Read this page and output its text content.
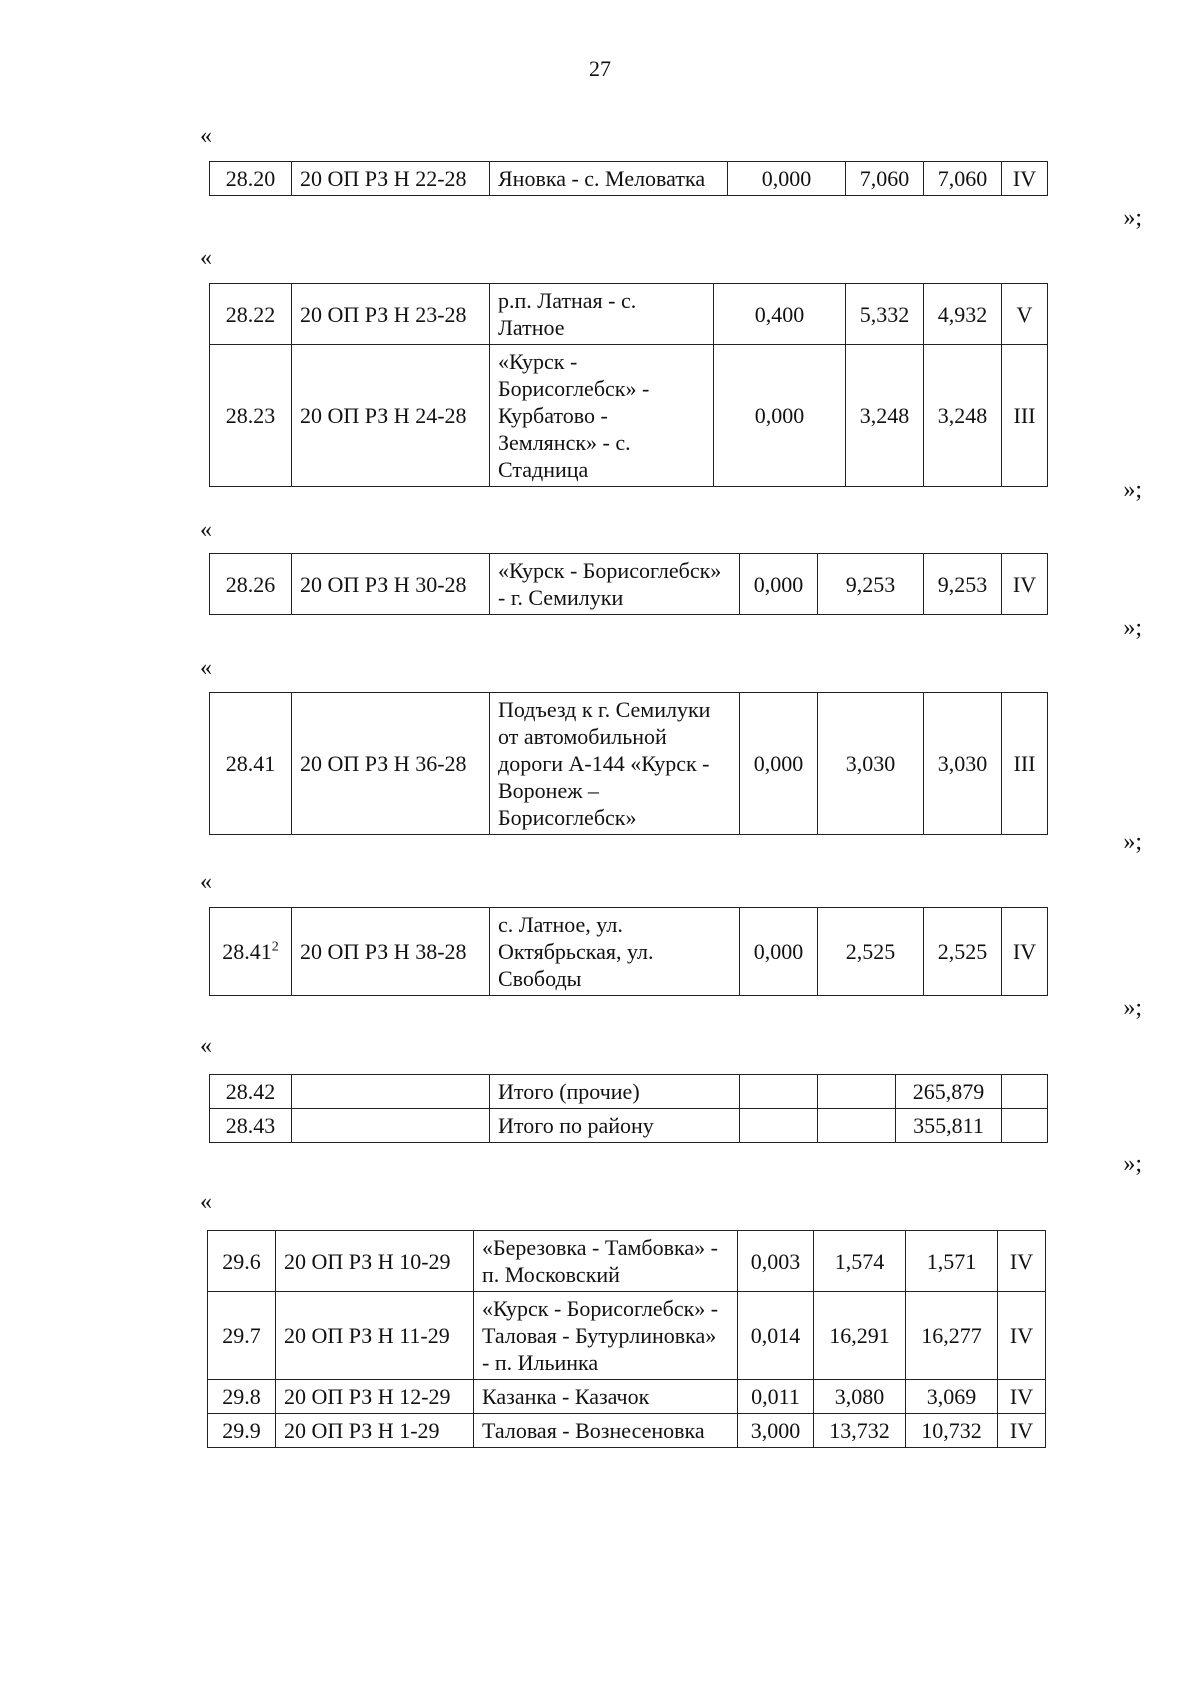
27
«
28.20	20 ОП РЗ Н 22-28	Яновка - с. Меловатка	0,000	7,060	7,060	IV
»;
«
28.22	20 ОП РЗ Н 23-28	р.п. Латная - с. Латное	0,400	5,332	4,932	V
28.23	20 ОП РЗ Н 24-28	«Курск - Борисоглебск» - Курбатово - Землянск» - с. Стадница	0,000	3,248	3,248	III
»;
«
28.26	20 ОП РЗ Н 30-28	«Курск - Борисоглебск» - г. Семилуки	0,000	9,253	9,253	IV
»;
«
28.41	20 ОП РЗ Н 36-28	Подъезд к г. Семилуки от автомобильной дороги А-144 «Курск - Воронеж – Борисоглебск»	0,000	3,030	3,030	III
»;
«
28.41$^2$	20 ОП РЗ Н 38-28	с. Латное, ул. Октябрьская, ул. Свободы	0,000	2,525	2,525	IV
»;
«
28.42		Итого (прочие)			265,879	
28.43		Итого по району			355,811	
»;
«
29.6	20 ОП РЗ Н 10-29	«Березовка - Тамбовка» - п. Московский	0,003	1,574	1,571	IV
29.7	20 ОП РЗ Н 11-29	«Курск - Борисоглебск» - Таловая - Бутурлиновка» - п. Ильинка	0,014	16,291	16,277	IV
29.8	20 ОП РЗ Н 12-29	Казанка - Казачок	0,011	3,080	3,069	IV
29.9	20 ОП РЗ Н 1-29	Таловая - Вознесеновка	3,000	13,732	10,732	IV
